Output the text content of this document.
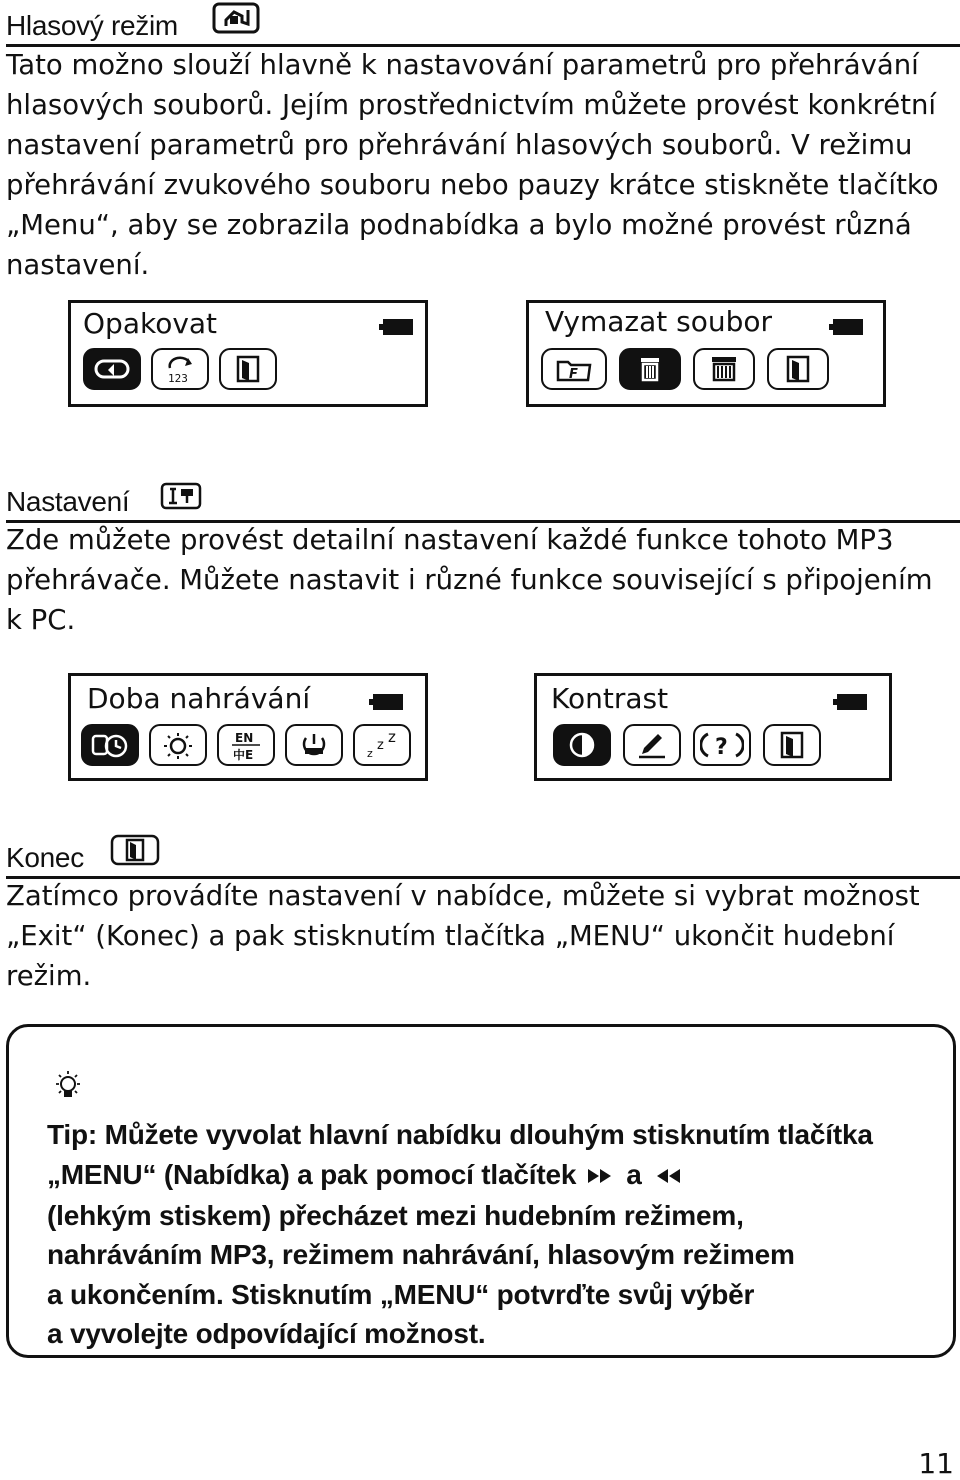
Hlasový režim
Tato možno slouží hlavně k nastavování parametrů pro přehrávání
hlasových souborů. Jejím prostřednictvím můžete provést konkrétní
nastavení parametrů pro přehrávání hlasových souborů. V režimu
přehrávání zvukového souboru nebo pauzy krátce stiskněte tlačítko
„Menu“, aby se zobrazila podnabídka a bylo možné provést různá
nastavení.
Opakovat
123
Vymazat soubor
F
Nastavení
Zde můžete provést detailní nastavení každé funkce tohoto MP3
přehrávače. Můžete nastavit i různé funkce související s připojením
k PC.
Doba nahrávání
EN
中E	z
z z
Kontrast
?
Konec
Zatímco provádíte nastavení v nabídce, můžete si vybrat možnost
„Exit“ (Konec) a pak stisknutím tlačítka „MENU“ ukončit hudební
režim.
Tip: Můžete vyvolat hlavní nabídku dlouhým stisknutím tlačítka
„MENU“ (Nabídka) a pak pomocí tlačítek a
(lehkým stiskem) přecházet mezi hudebním režimem,
nahráváním MP3, režimem nahrávání, hlasovým režimem
a ukončením. Stisknutím „MENU“ potvrďte svůj výběr
a vyvolejte odpovídající možnost.
11
